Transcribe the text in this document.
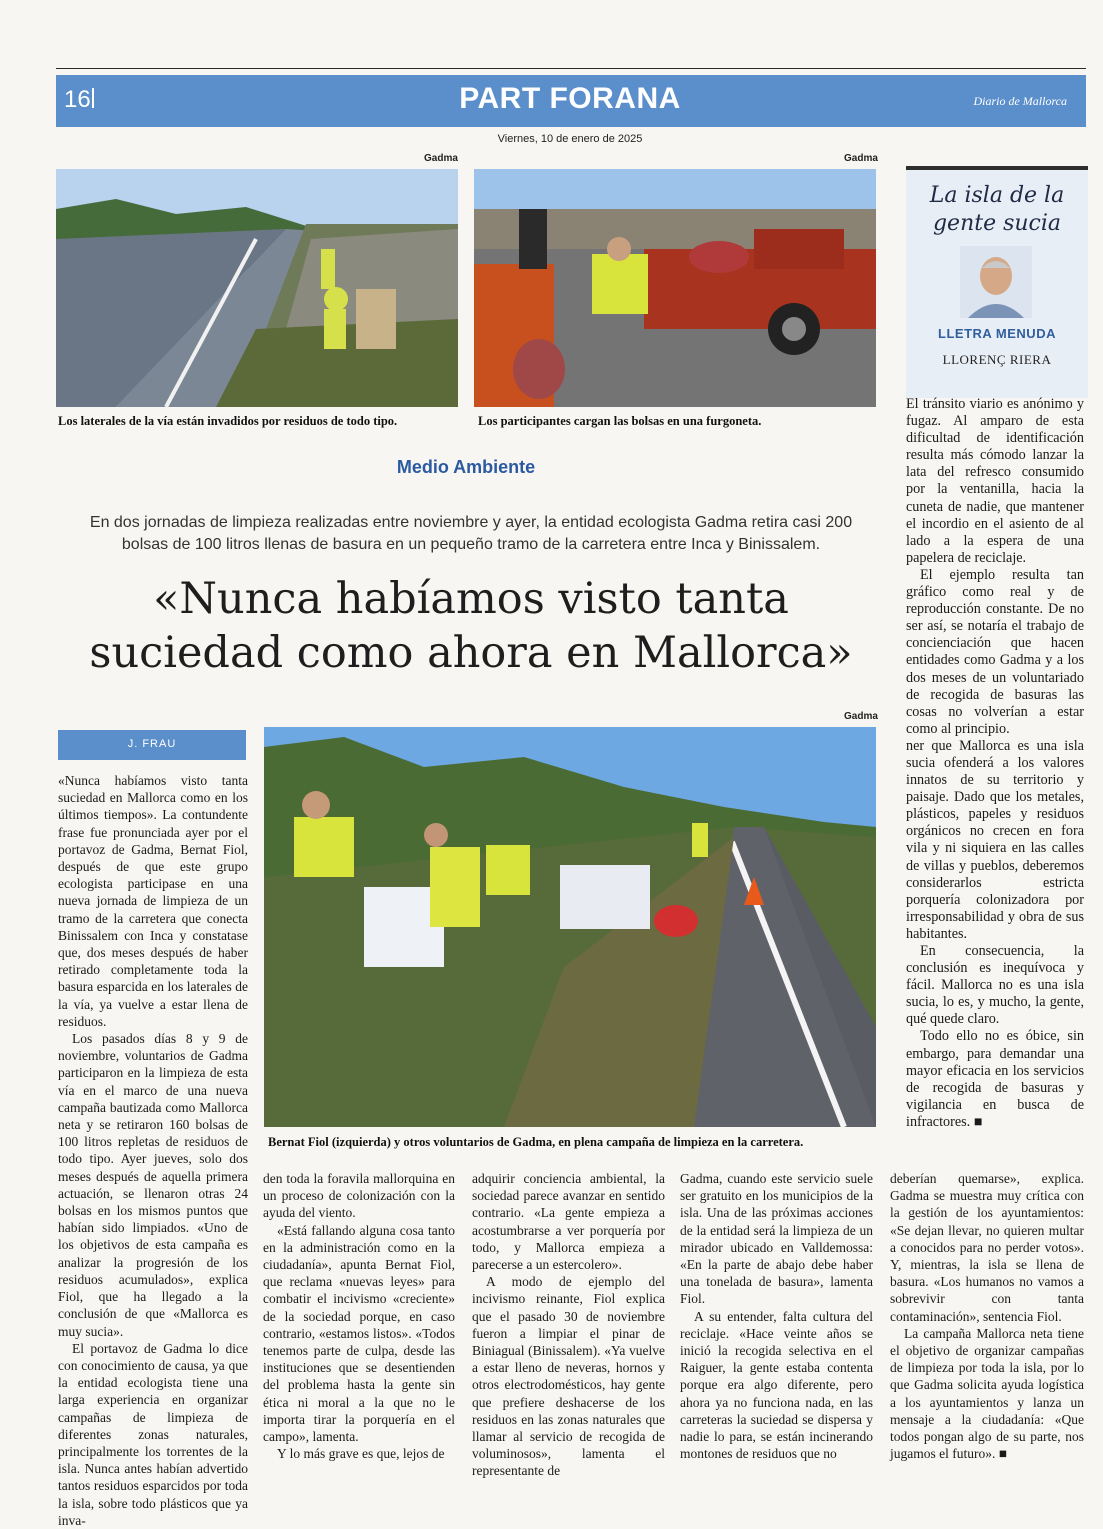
16	PART FORANA	Diario de Mallorca
Viernes, 10 de enero de 2025
Gadma
Los laterales de la vía están invadidos por residuos de todo tipo.
Gadma
Los participantes cargan las bolsas en una furgoneta.
La isla de la
gente sucia
LLETRA MENUDA
LLORENÇ RIERA

El tránsito viario es anónimo y fugaz. Al amparo de esta dificultad de identificación resulta más cómodo lanzar la lata del refresco consumido por la ventanilla, hacia la cuneta de nadie, que mantener el incordio en el asiento de al lado a la espera de una papelera de reciclaje.

El ejemplo resulta tan gráfico como real y de reproducción constante. De no ser así, se notaría el trabajo de concienciación que hacen entidades como Gadma y a los dos meses de un voluntariado de recogida de basuras las cosas no volverían a estar como al principio.

ner que Mallorca es una isla sucia ofenderá a los valores innatos de su territorio y paisaje. Dado que los metales, plásticos, papeles y residuos orgánicos no crecen en fora vila y ni siquiera en las calles de villas y pueblos, deberemos considerarlos estricta porquería colonizadora por irresponsabilidad y obra de sus habitantes.

En consecuencia, la conclusión es inequívoca y fácil. Mallorca no es una isla sucia, lo es, y mucho, la gente, qué quede claro.

Todo ello no es óbice, sin embargo, para demandar una mayor eficacia en los servicios de recogida de basuras y vigilancia en busca de infractores. ■

Medio Ambiente
En dos jornadas de limpieza realizadas entre noviembre y ayer, la entidad ecologista Gadma retira casi 200
bolsas de 100 litros llenas de basura en un pequeño tramo de la carretera entre Inca y Binissalem.
«Nunca habíamos visto tanta
suciedad como ahora en Mallorca»
J. FRAU
Gadma
Bernat Fiol (izquierda) y otros voluntarios de Gadma, en plena campaña de limpieza en la carretera.

«Nunca habíamos visto tanta suciedad en Mallorca como en los últimos tiempos». La contundente frase fue pronunciada ayer por el portavoz de Gadma, Bernat Fiol, después de que este grupo ecologista participase en una nueva jornada de limpieza de un tramo de la carretera que conecta Binissalem con Inca y constatase que, dos meses después de haber retirado completamente toda la basura esparcida en los laterales de la vía, ya vuelve a estar llena de residuos.

Los pasados días 8 y 9 de noviembre, voluntarios de Gadma participaron en la limpieza de esta vía en el marco de una nueva campaña bautizada como Mallorca neta y se retiraron 160 bolsas de 100 litros repletas de residuos de todo tipo. Ayer jueves, solo dos meses después de aquella primera actuación, se llenaron otras 24 bolsas en los mismos puntos que habían sido limpiados. «Uno de los objetivos de esta campaña es analizar la progresión de los residuos acumulados», explica Fiol, que ha llegado a la conclusión de que «Mallorca es muy sucia».

El portavoz de Gadma lo dice con conocimiento de causa, ya que la entidad ecologista tiene una larga experiencia en organizar campañas de limpieza de diferentes zonas naturales, principalmente los torrentes de la isla. Nunca antes habían advertido tantos residuos esparcidos por toda la isla, sobre todo plásticos que ya inva-

den toda la foravila mallorquina en un proceso de colonización con la ayuda del viento.

«Está fallando alguna cosa tanto en la administración como en la ciudadanía», apunta Bernat Fiol, que reclama «nuevas leyes» para combatir el incivismo «creciente» de la sociedad porque, en caso contrario, «estamos listos». «Todos tenemos parte de culpa, desde las instituciones que se desentienden del problema hasta la gente sin ética ni moral a la que no le importa tirar la porquería en el campo», lamenta.

Y lo más grave es que, lejos de

adquirir conciencia ambiental, la sociedad parece avanzar en sentido contrario. «La gente empieza a acostumbrarse a ver porquería por todo, y Mallorca empieza a parecerse a un estercolero».

A modo de ejemplo del incivismo reinante, Fiol explica que el pasado 30 de noviembre fueron a limpiar el pinar de Biniagual (Binissalem). «Ya vuelve a estar lleno de neveras, hornos y otros electrodomésticos, hay gente que prefiere deshacerse de los residuos en las zonas naturales que llamar al servicio de recogida de voluminosos», lamenta el representante de

Gadma, cuando este servicio suele ser gratuito en los municipios de la isla. Una de las próximas acciones de la entidad será la limpieza de un mirador ubicado en Valldemossa: «En la parte de abajo debe haber una tonelada de basura», lamenta Fiol.

A su entender, falta cultura del reciclaje. «Hace veinte años se inició la recogida selectiva en el Raiguer, la gente estaba contenta porque era algo diferente, pero ahora ya no funciona nada, en las carreteras la suciedad se dispersa y nadie lo para, se están incinerando montones de residuos que no

deberían quemarse», explica. Gadma se muestra muy crítica con la gestión de los ayuntamientos: «Se dejan llevar, no quieren multar a conocidos para no perder votos». Y, mientras, la isla se llena de basura. «Los humanos no vamos a sobrevivir con tanta contaminación», sentencia Fiol.

La campaña Mallorca neta tiene el objetivo de organizar campañas de limpieza por toda la isla, por lo que Gadma solicita ayuda logística a los ayuntamientos y lanza un mensaje a la ciudadanía: «Que todos pongan algo de su parte, nos jugamos el futuro». ■
